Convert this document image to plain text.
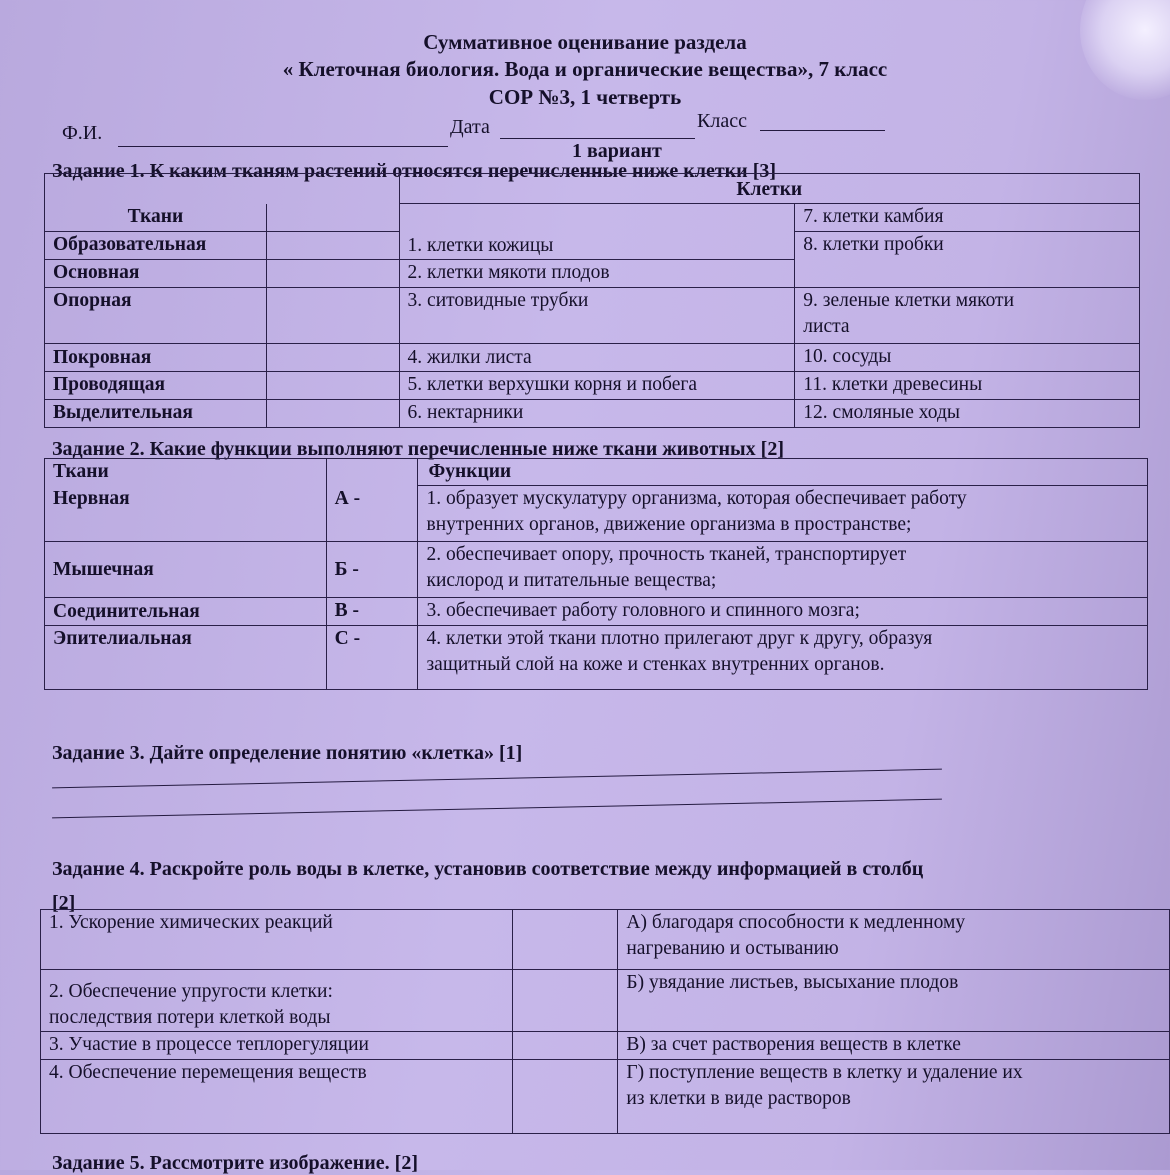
Суммативное оценивание раздела
« Клеточная биология. Вода и органические вещества», 7 класс
СОР №3, 1 четверть
Ф.И.	Дата	Класс
1 вариант
Задание 1. К каким тканям растений относятся перечисленные ниже клетки [3]
		Клетки	

Ткани		1. клетки кожицы	7. клетки камбия
Образовательная			8. клетки пробки
Основная		2. клетки мякоти плодов	
Опорная		3. ситовидные трубки	9. зеленые клетки мякоти
листа
Покровная		4. жилки листа	10. сосуды
Проводящая		5. клетки верхушки корня и побега	11. клетки древесины
Выделительная		6. нектарники	12. смоляные ходы
Задание 2. Какие функции выполняют перечисленные ниже ткани животных [2]
Ткани		Функции
Нервная	А -	1. образует мускулатуру организма, которая обеспечивает работу
внутренних органов, движение организма в пространстве;
Мышечная	Б -	2. обеспечивает опору, прочность тканей, транспортирует
кислород и питательные вещества;
Соединительная	В -	3. обеспечивает работу головного и спинного мозга;
Эпителиальная	С -	4. клетки этой ткани плотно прилегают друг к другу, образуя
защитный слой на коже и стенках внутренних органов.
Задание 3. Дайте определение понятию «клетка» [1]
Задание 4. Раскройте роль воды в клетке, установив соответствие между информацией в столбц
[2]
1. Ускорение химических реакций		А) благодаря способности к медленному
нагреванию и остыванию
2. Обеспечение упругости клетки:
последствия потери клеткой воды		Б) увядание листьев, высыхание плодов
3. Участие в процессе теплорегуляции		В) за счет растворения веществ в клетке
4. Обеспечение перемещения веществ		Г) поступление веществ в клетку и удаление их
из клетки в виде растворов
Задание 5. Рассмотрите изображение. [2]
